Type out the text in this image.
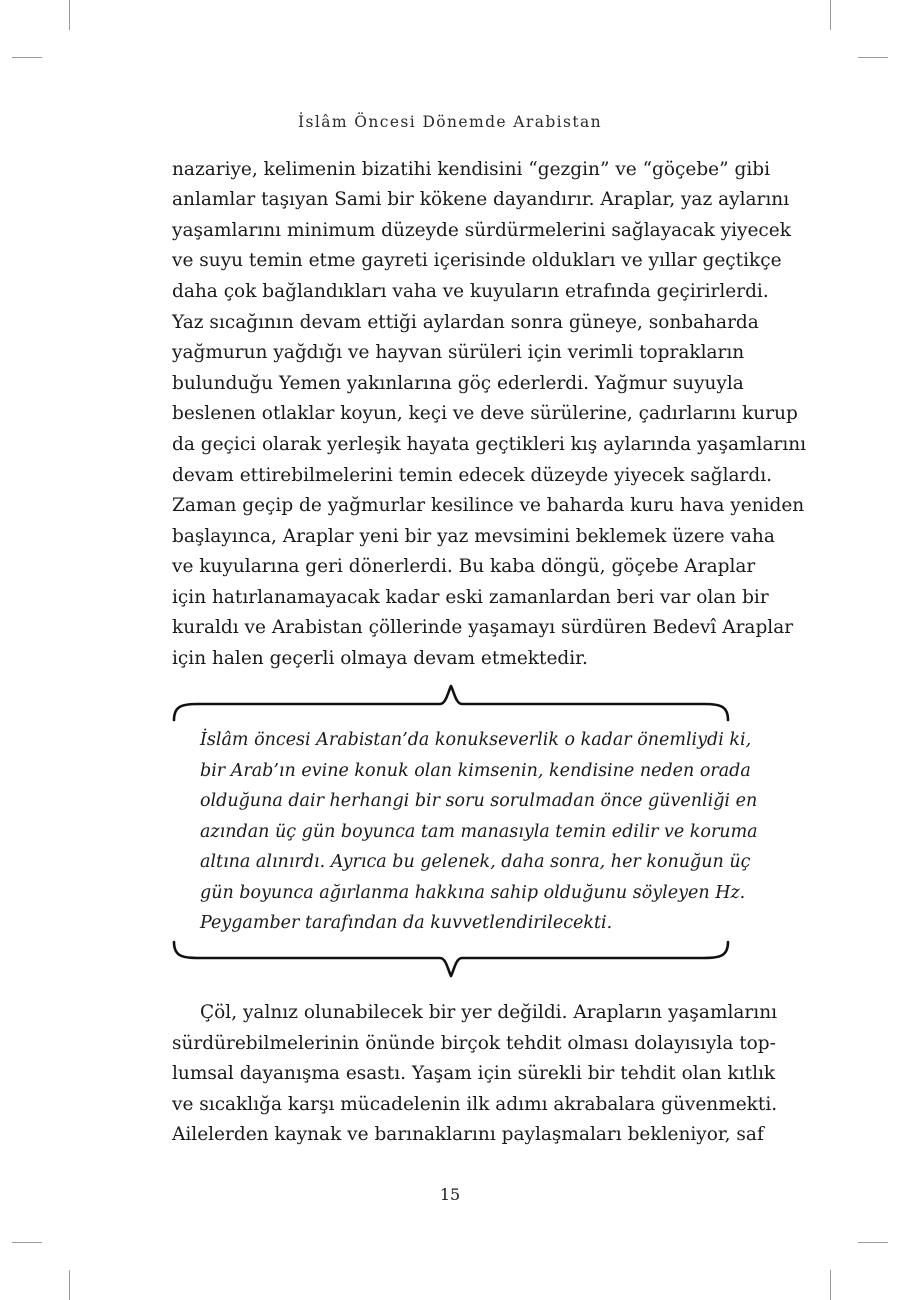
İslâm Öncesi Dönemde Arabistan
nazariye, kelimenin bizatihi kendisini “gezgin” ve “göçebe” gibi
anlamlar taşıyan Sami bir kökene dayandırır. Araplar, yaz aylarını
yaşamlarını minimum düzeyde sürdürmelerini sağlayacak yiyecek
ve suyu temin etme gayreti içerisinde oldukları ve yıllar geçtikçe
daha çok bağlandıkları vaha ve kuyuların etrafında geçirirlerdi.
Yaz sıcağının devam ettiği aylardan sonra güneye, sonbaharda
yağmurun yağdığı ve hayvan sürüleri için verimli toprakların
bulunduğu Yemen yakınlarına göç ederlerdi. Yağmur suyuyla
beslenen otlaklar koyun, keçi ve deve sürülerine, çadırlarını kurup
da geçici olarak yerleşik hayata geçtikleri kış aylarında yaşamlarını
devam ettirebilmelerini temin edecek düzeyde yiyecek sağlardı.
Zaman geçip de yağmurlar kesilince ve baharda kuru hava yeniden
başlayınca, Araplar yeni bir yaz mevsimini beklemek üzere vaha
ve kuyularına geri dönerlerdi. Bu kaba döngü, göçebe Araplar
için hatırlanamayacak kadar eski zamanlardan beri var olan bir
kuraldı ve Arabistan çöllerinde yaşamayı sürdüren Bedevî Araplar
için halen geçerli olmaya devam etmektedir.
İslâm öncesi Arabistan’da konukseverlik o kadar önemliydi ki,
bir Arab’ın evine konuk olan kimsenin, kendisine neden orada
olduğuna dair herhangi bir soru sorulmadan önce güvenliği en
azından üç gün boyunca tam manasıyla temin edilir ve koruma
altına alınırdı. Ayrıca bu gelenek, daha sonra, her konuğun üç
gün boyunca ağırlanma hakkına sahip olduğunu söyleyen Hz.
Peygamber tarafından da kuvvetlendirilecekti.
Çöl, yalnız olunabilecek bir yer değildi. Arapların yaşamlarını
sürdürebilmelerinin önünde birçok tehdit olması dolayısıyla top-
lumsal dayanışma esastı. Yaşam için sürekli bir tehdit olan kıtlık
ve sıcaklığa karşı mücadelenin ilk adımı akrabalara güvenmekti.
Ailelerden kaynak ve barınaklarını paylaşmaları bekleniyor, saf
15
